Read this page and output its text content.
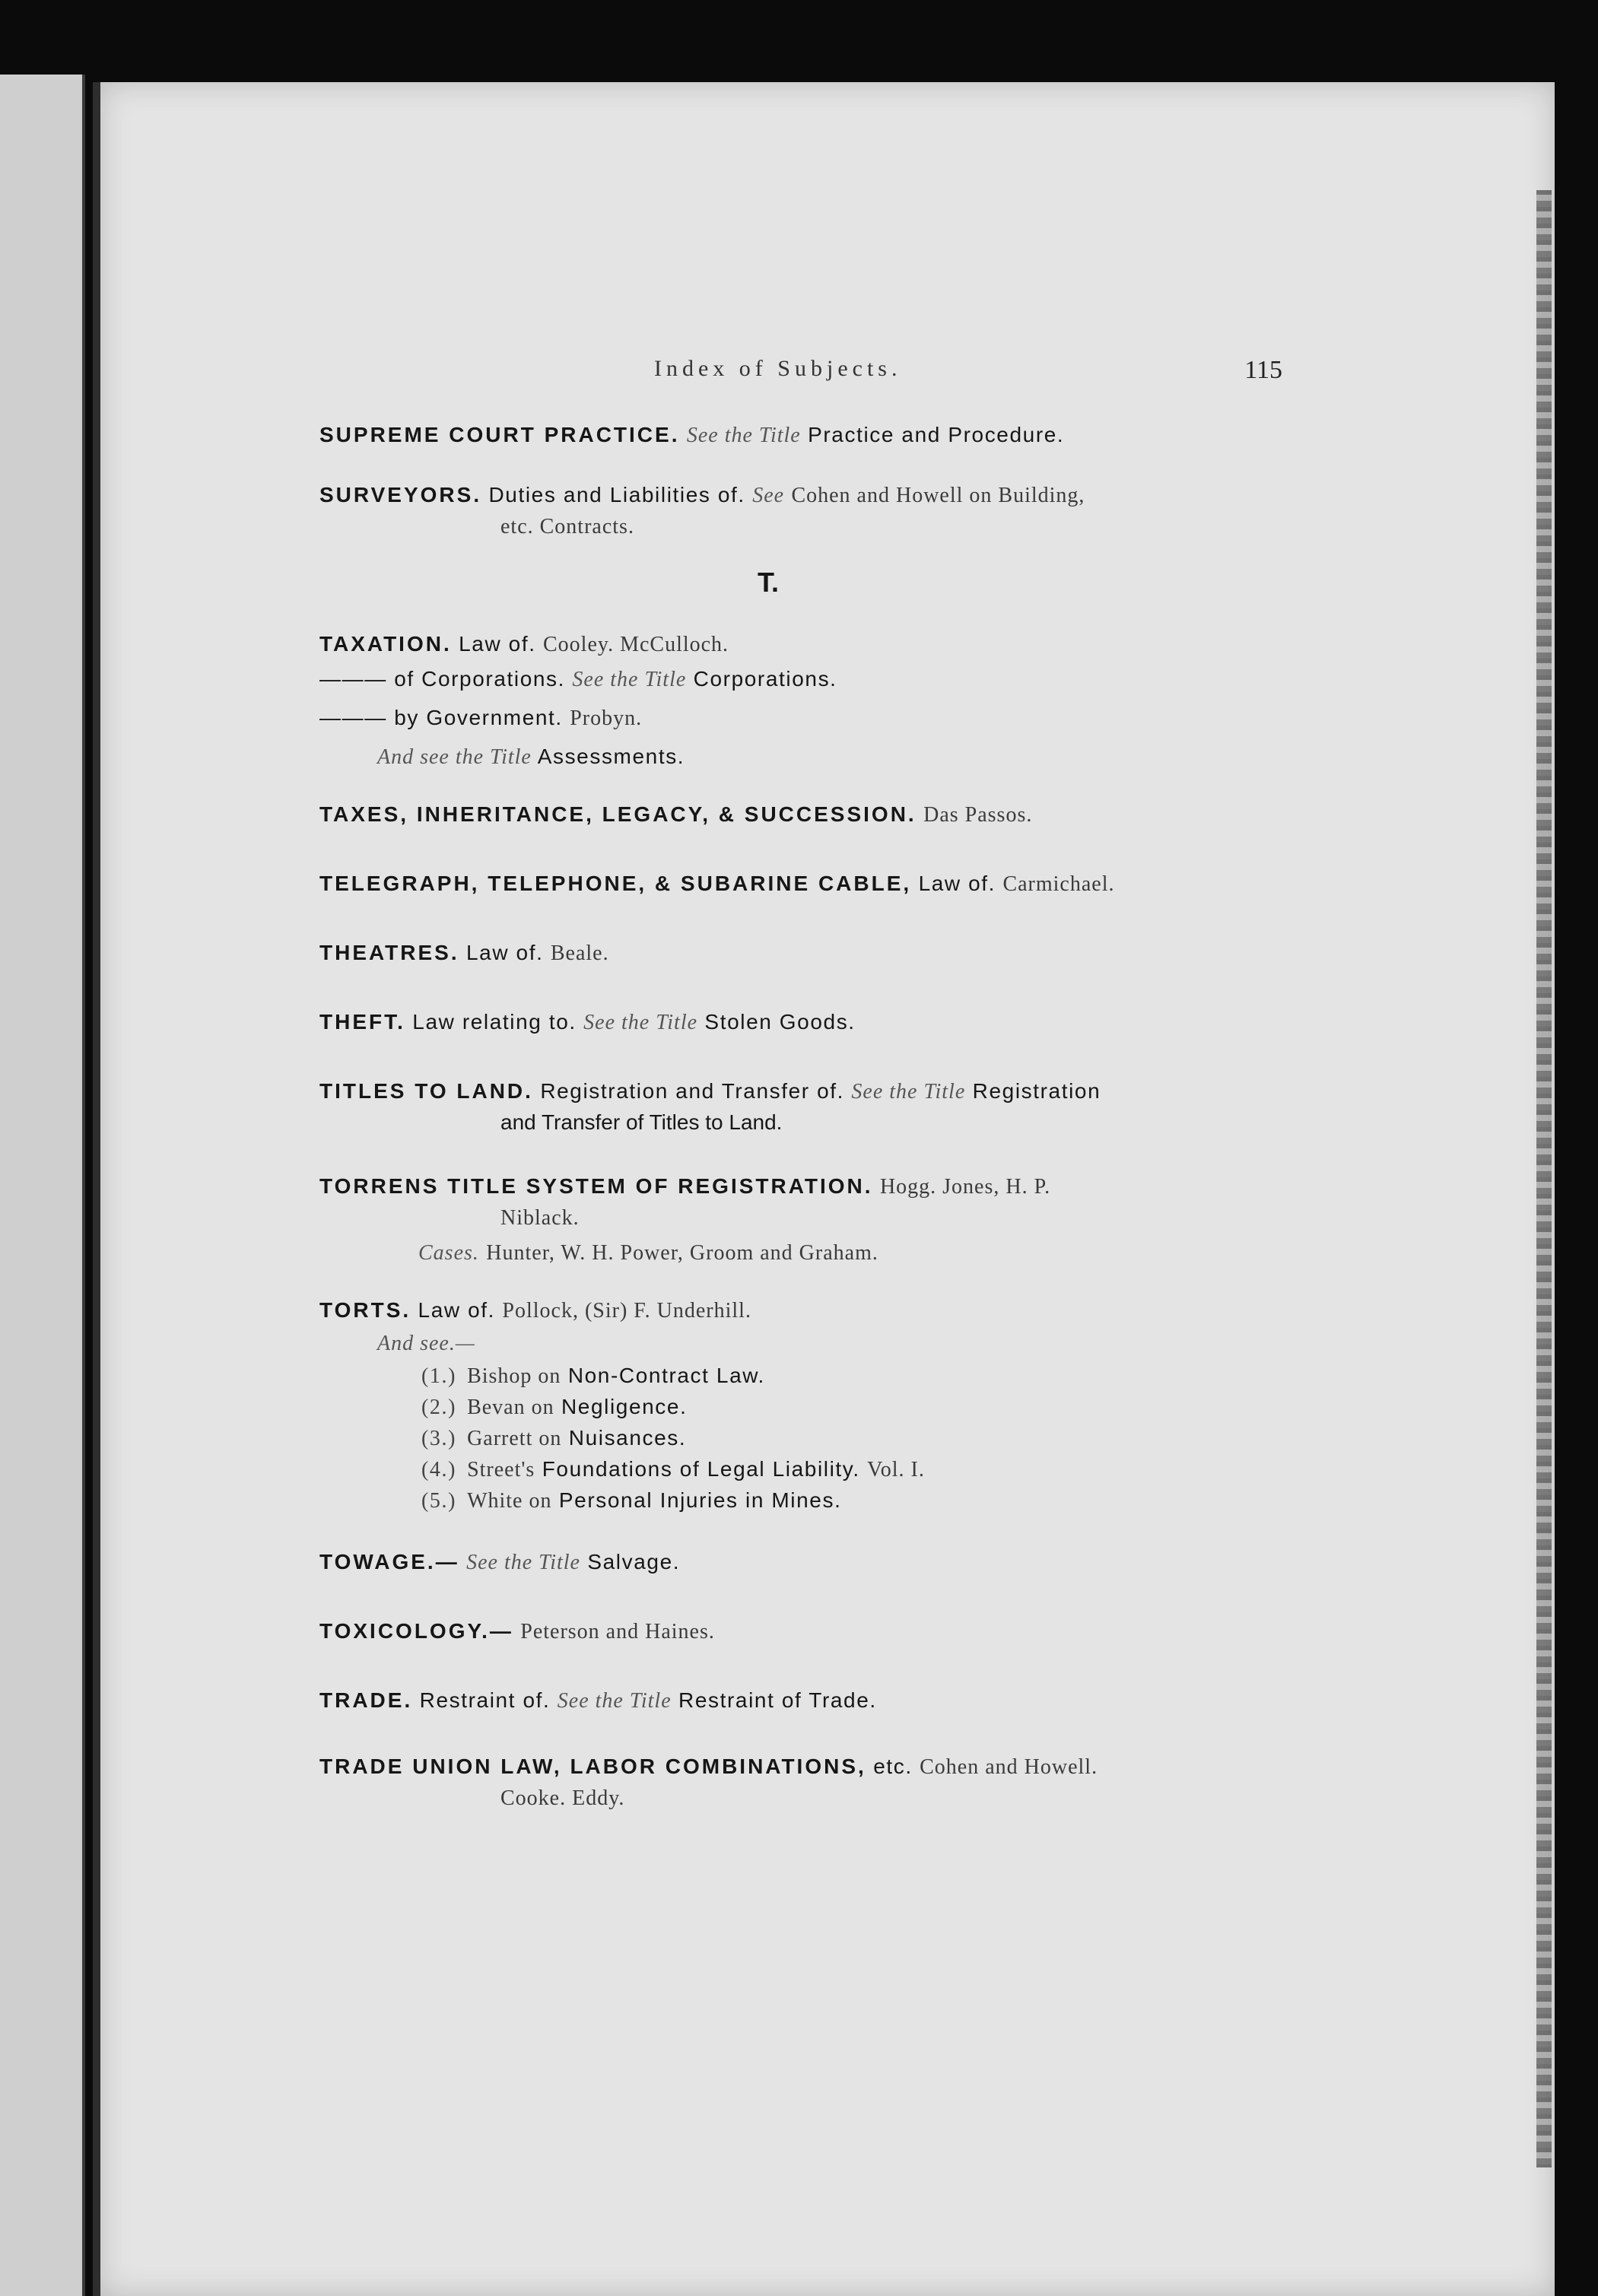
Index of Subjects.	115

SUPREME COURT PRACTICE. See the Title Practice and Procedure.

SURVEYORS. Duties and Liabilities of. See Cohen and Howell on Building,

etc. Contracts.
T.

TAXATION. Law of. Cooley. McCulloch.

——— of Corporations. See the Title Corporations.

——— by Government. Probyn.

And see the Title Assessments.

TAXES, INHERITANCE, LEGACY, & SUCCESSION. Das Passos.

TELEGRAPH, TELEPHONE, & SUBARINE CABLE, Law of. Carmichael.

THEATRES. Law of. Beale.

THEFT. Law relating to. See the Title Stolen Goods.

TITLES TO LAND. Registration and Transfer of. See the Title Registration

and Transfer of Titles to Land.

TORRENS TITLE SYSTEM OF REGISTRATION. Hogg. Jones, H. P.

Niblack.

Cases. Hunter, W. H. Power, Groom and Graham.

TORTS. Law of. Pollock, (Sir) F. Underhill.

And see.—

(1.) Bishop on Non-Contract Law.

(2.) Bevan on Negligence.

(3.) Garrett on Nuisances.

(4.) Street's Foundations of Legal Liability. Vol. I.

(5.) White on Personal Injuries in Mines.

TOWAGE.— See the Title Salvage.

TOXICOLOGY.— Peterson and Haines.

TRADE. Restraint of. See the Title Restraint of Trade.

TRADE UNION LAW, LABOR COMBINATIONS, etc. Cohen and Howell.

Cooke. Eddy.
